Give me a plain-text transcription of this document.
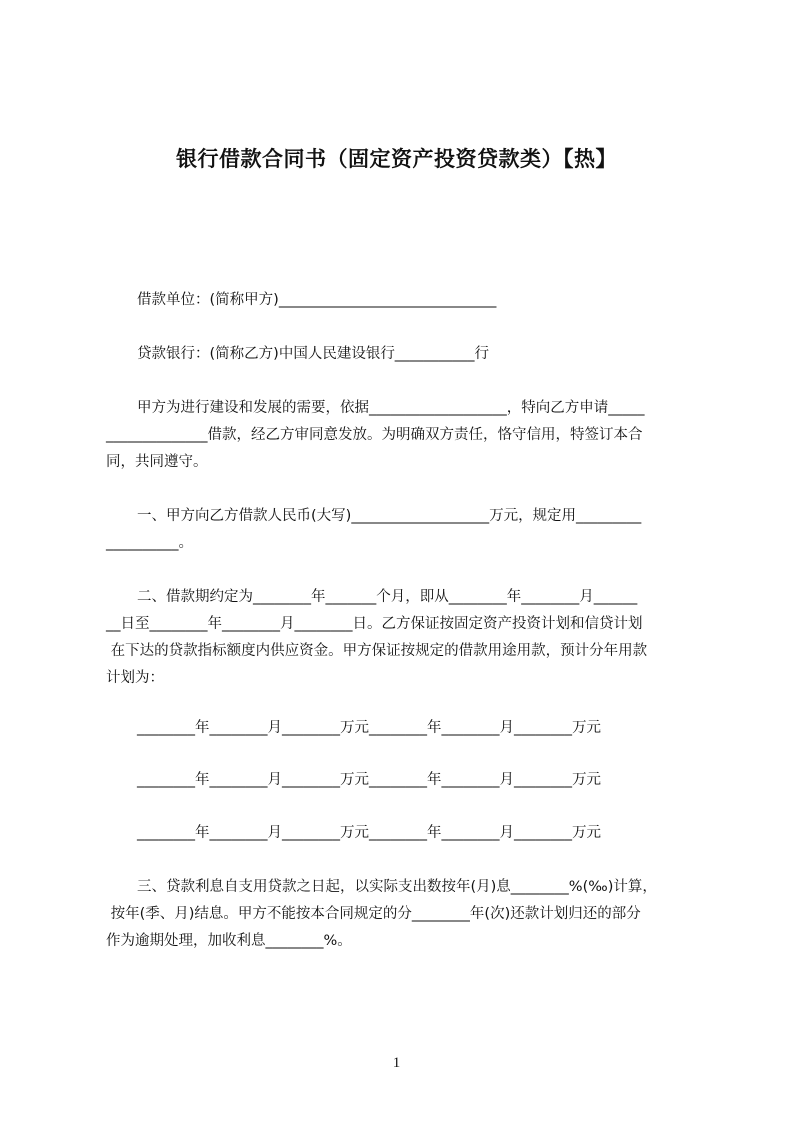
银行借款合同书（固定资产投资贷款类）【热】
借款单位：(简称甲方)______________________________
贷款银行：(简称乙方)中国人民建设银行___________行
甲方为进行建设和发展的需要，依据___________________，特向乙方申请_____
______________借款，经乙方审同意发放。为明确双方责任，恪守信用，特签订本合
同，共同遵守。
一、甲方向乙方借款人民币(大写)___________________万元，规定用_________
__________。
二、借款期约定为________年_______个月，即从________年________月______
__日至________年________月________日。乙方保证按固定资产投资计划和信贷计划
在下达的贷款指标额度内供应资金。甲方保证按规定的借款用途用款，预计分年用款
计划为：
________年________月________万元________年________月________万元
________年________月________万元________年________月________万元
________年________月________万元________年________月________万元
三、贷款利息自支用贷款之日起，以实际支出数按年(月)息________%(‰)计算，
按年(季、月)结息。甲方不能按本合同规定的分________年(次)还款计划归还的部分
作为逾期处理，加收利息________%。
1
